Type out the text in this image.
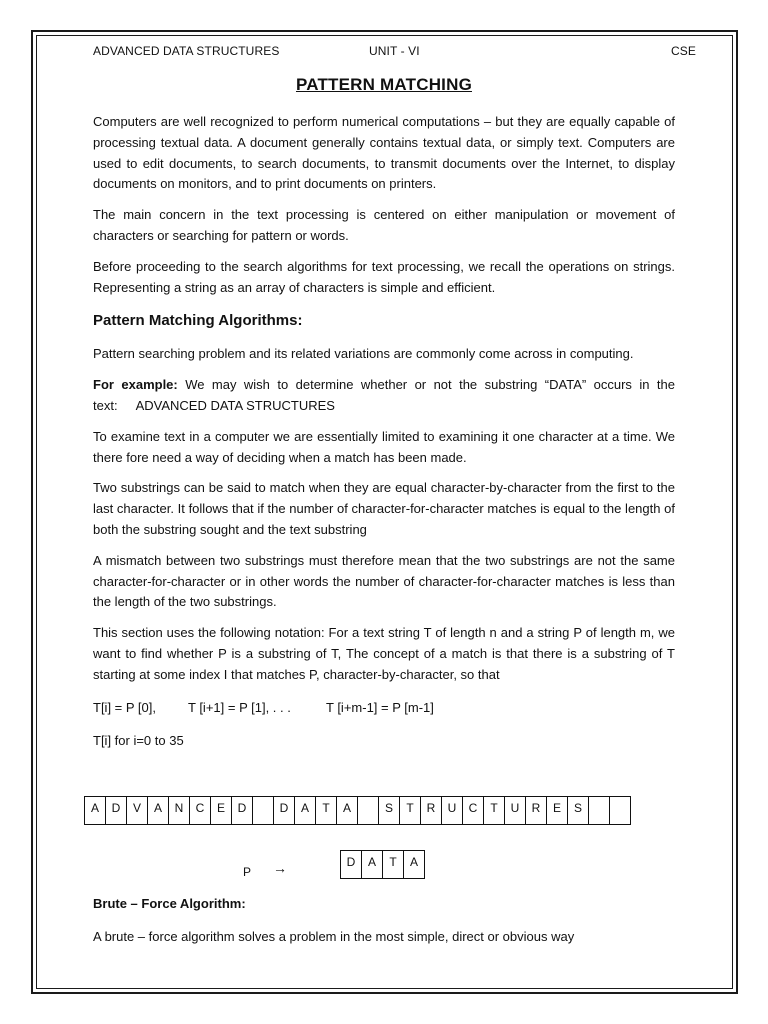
ADVANCED DATA STRUCTURES	UNIT - VI	CSE
PATTERN MATCHING

Computers are well recognized to perform numerical computations – but they are equally capable of processing textual data. A document generally contains textual data, or simply text. Computers are used to edit documents, to search documents, to transmit documents over the Internet, to display documents on monitors, and to print documents on printers.

The main concern in the text processing is centered on either manipulation or movement of characters or searching for pattern or words.

Before proceeding to the search algorithms for text processing, we recall the operations on strings. Representing a string as an array of characters is simple and efficient.

Pattern Matching Algorithms:

Pattern searching problem and its related variations are commonly come across in computing.

For example: We may wish to determine whether or not the substring “DATA” occurs in the text: ADVANCED DATA STRUCTURES

To examine text in a computer we are essentially limited to examining it one character at a time. We there fore need a way of deciding when a match has been made.

Two substrings can be said to match when they are equal character-by-character from the first to the last character. It follows that if the number of character-for-character matches is equal to the length of both the substring sought and the text substring

A mismatch between two substrings must therefore mean that the two substrings are not the same character-for-character or in other words the number of character-for-character matches is less than the length of the two substrings.

This section uses the following notation: For a text string T of length n and a string P of length m, we want to find whether P is a substring of T, The concept of a match is that there is a substring of T starting at some index I that matches P, character-by-character, so that

T[i] = P [0], T [i+1] = P [1], . . .	T [i+m-1] = P [m-1]
T[i] for i=0 to 35
A	D	V	A	N	C	E	D		D	A	T	A		S	T	R	U	C	T	U	R	E	S		
P →	D	A	T	A
Brute – Force Algorithm:
A brute – force algorithm solves a problem in the most simple, direct or obvious way
